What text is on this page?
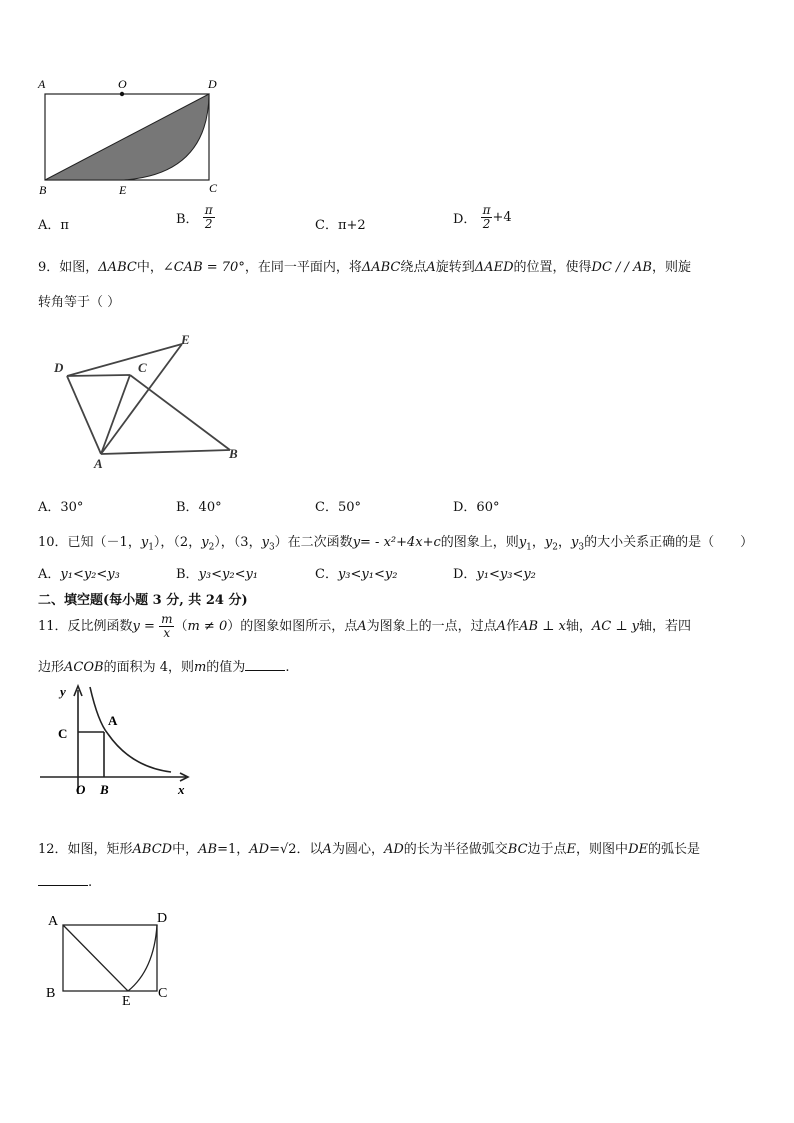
A	O	D
B	E	C
A．π	B． $\frac{\pi}{2}$	C．π+2	D． $\frac{\pi}{2} +4$
9．如图，ΔABC中，∠CAB = 70°，在同一平面内，将ΔABC绕点A旋转到ΔAED的位置，使得DC / / AB，则旋
转角等于（ ）
D	C
E
A
B
A．30°	B．40°	C．50°	D．60°
10．已知（－1，$y_1$），（2，$y_2$），（3，$y_3$）在二次函数y= - x²+4x+c的图象上，则$y_1$，$y_2$，$y_3$的大小关系正确的是（　　）
A．y₁<y₂<y₃	B．y₃<y₂<y₁	C．y₃<y₁<y₂	D．y₁<y₃<y₂
二、填空题(每小题 3 分, 共 24 分)
11．反比例函数$y = \frac{m}{x} (m \ne 0)$的图象如图所示，点A为图象上的一点，过点A作AB ⊥ x轴，AC ⊥ y轴，若四
边形ACOB的面积为 4，则m的值为	.
y
C
A
O B	x
12．如图，矩形ABCD中，AB=1，AD=√2．以A为圆心，AD的长为半径做弧交BC边于点E，则图中DE的弧长是
.
A	D
B
E
C
